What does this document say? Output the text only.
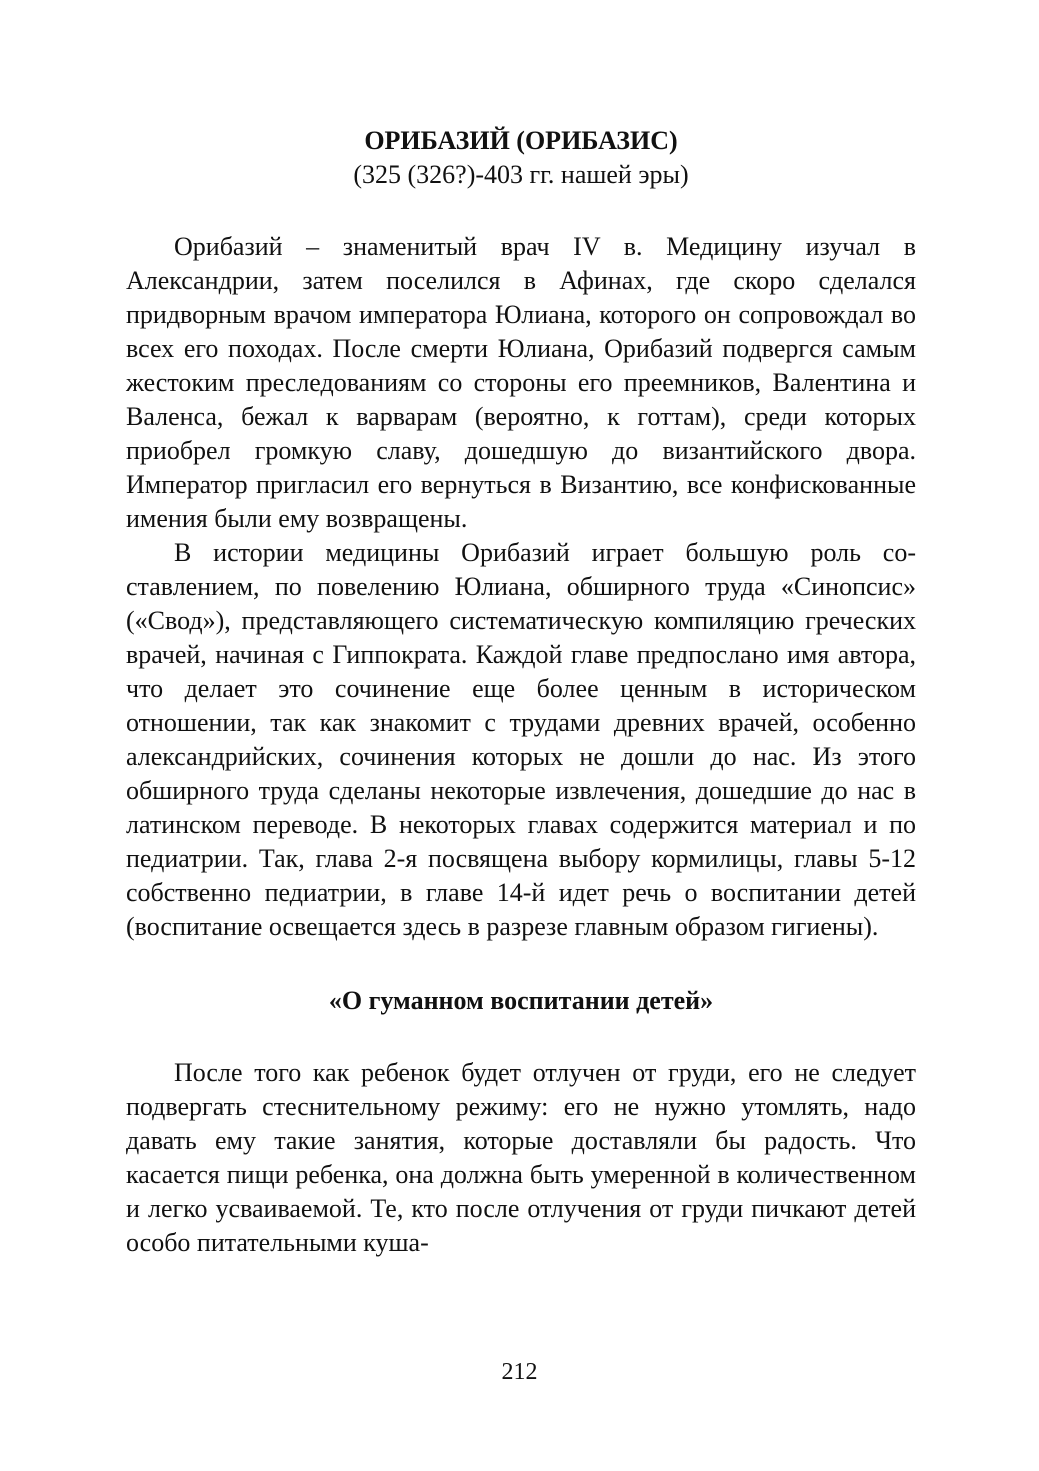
ОРИБАЗИЙ (ОРИБАЗИС)

(325 (326?)-403 гг. нашей эры)

Орибазий – знаменитый врач IV в. Медицину изучал в Александрии, затем поселился в Афинах, где скоро сделался придворным врачом императора Юлиана, которого он сопровождал во всех его походах. После смерти Юлиана, Орибазий подвергся самым жестоким преследованиям со стороны его преемников, Валентина и Валенса, бежал к варварам (вероятно, к готтам), среди которых приобрел громкую славу, дошедшую до византийского двора. Император пригласил его вернуться в Византию, все конфискованные имения были ему возвращены.

В истории медицины Орибазий играет большую роль составлением, по повелению Юлиана, обширного труда «Синопсис» («Свод»), представляющего систематическую компиляцию греческих врачей, начиная с Гиппократа. Каждой главе предпослано имя автора, что делает это сочинение еще более ценным в историческом отношении, так как знакомит с трудами древних врачей, особенно александрийских, сочинения которых не дошли до нас. Из этого обширного труда сделаны некоторые извлечения, дошедшие до нас в латинском переводе. В некоторых главах содержится материал и по педиатрии. Так, глава 2-я посвящена выбору кормилицы, главы 5-12 собственно педиатрии, в главе 14-й идет речь о воспитании детей (воспитание освещается здесь в разрезе главным образом гигиены).

«О гуманном воспитании детей»

После того как ребенок будет отлучен от груди, его не следует подвергать стеснительному режиму: его не нужно утомлять, надо давать ему такие занятия, которые доставляли бы радость. Что касается пищи ребенка, она должна быть умеренной в количественном и легко усваиваемой. Те, кто после отлучения от груди пичкают детей особо питательными куша-

212
